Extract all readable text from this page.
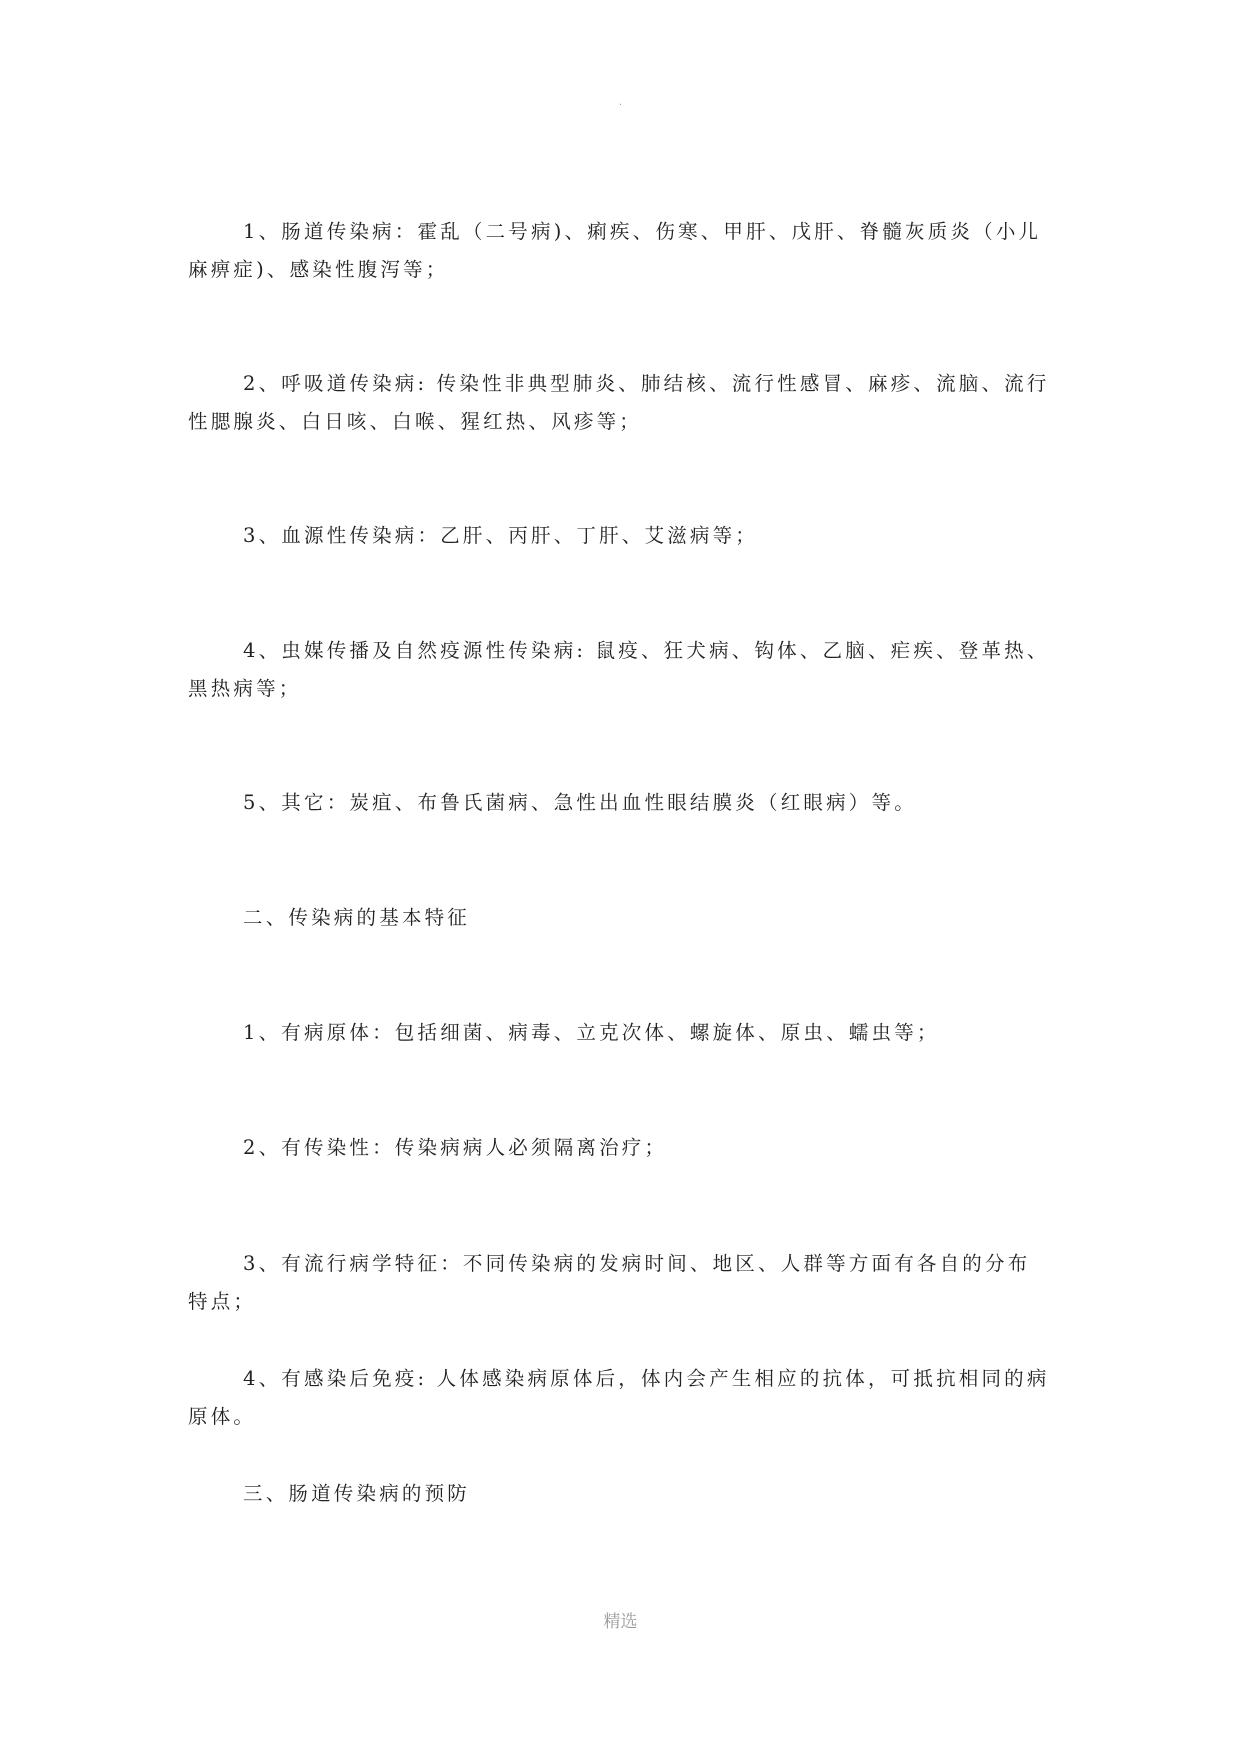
.

1、肠道传染病：霍乱（二号病)、痢疾、伤寒、甲肝、戊肝、脊髓灰质炎（小儿麻痹症)、感染性腹泻等；

2、呼吸道传染病: 传染性非典型肺炎、肺结核、流行性感冒、麻疹、流脑、流行性腮腺炎、白日咳、白喉、猩红热、风疹等；

3、血源性传染病：乙肝、丙肝、丁肝、艾滋病等；

4、虫媒传播及自然疫源性传染病: 鼠疫、狂犬病、钩体、乙脑、疟疾、登革热、黑热病等；

5、其它：炭疽、布鲁氏菌病、急性出血性眼结膜炎（红眼病）等。

二、传染病的基本特征

1、有病原体：包括细菌、病毒、立克次体、螺旋体、原虫、蠕虫等；

2、有传染性：传染病病人必须隔离治疗；

3、有流行病学特征：不同传染病的发病时间、地区、人群等方面有各自的分布特点；

4、有感染后免疫: 人体感染病原体后，体内会产生相应的抗体，可抵抗相同的病原体。

三、肠道传染病的预防

精选
